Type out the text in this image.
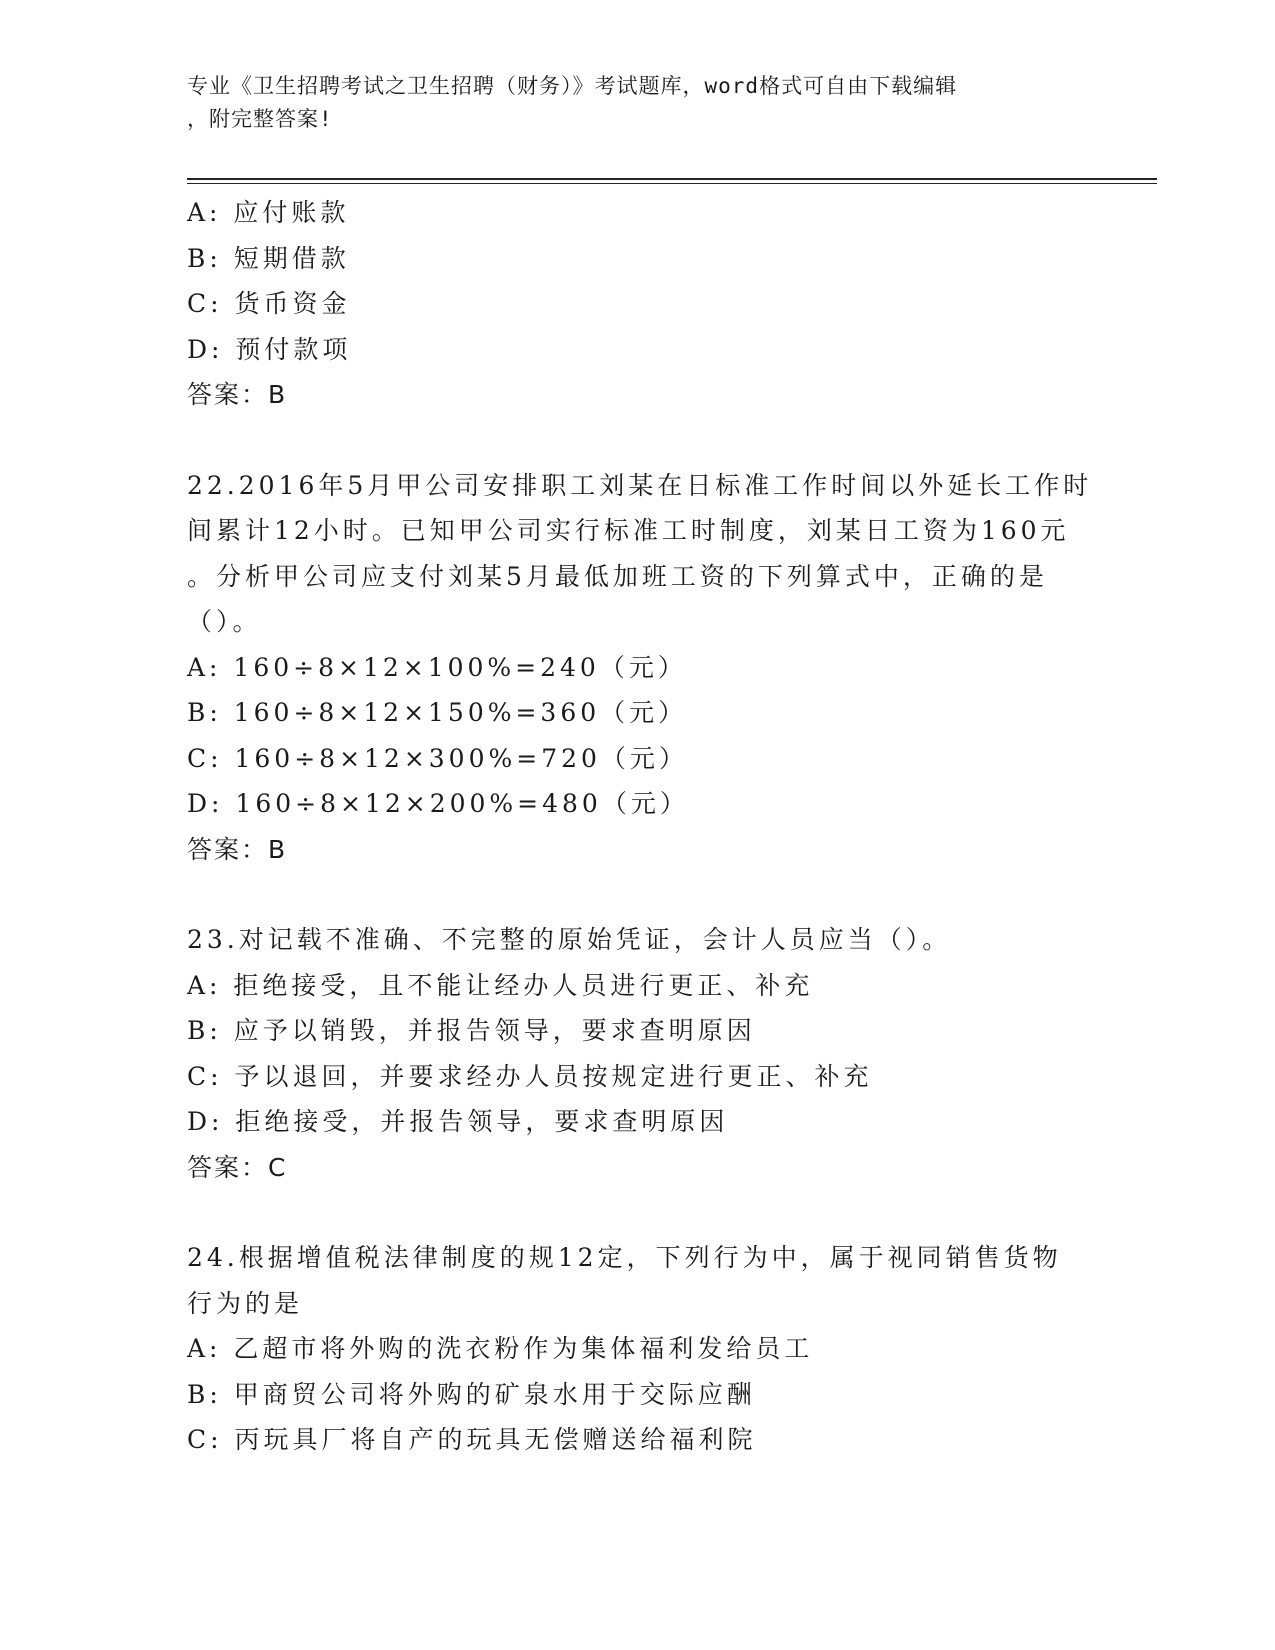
专业《卫生招聘考试之卫生招聘（财务）》考试题库，word格式可自由下载编辑
，附完整答案!
A: 应付账款
B: 短期借款
C: 货币资金
D: 预付款项
答案：B
22.2016年5月甲公司安排职工刘某在日标准工作时间以外延长工作时
间累计12小时。已知甲公司实行标准工时制度，刘某日工资为160元
。分析甲公司应支付刘某5月最低加班工资的下列算式中，正确的是
（）。
A: 160÷8×12×100%=240（元）
B: 160÷8×12×150%=360（元）
C: 160÷8×12×300%=720（元）
D: 160÷8×12×200%=480（元）
答案：B
23.对记载不准确、不完整的原始凭证，会计人员应当（）。
A: 拒绝接受，且不能让经办人员进行更正、补充
B: 应予以销毁，并报告领导，要求查明原因
C: 予以退回，并要求经办人员按规定进行更正、补充
D: 拒绝接受，并报告领导，要求查明原因
答案：C
24.根据增值税法律制度的规12定，下列行为中，属于视同销售货物
行为的是
A: 乙超市将外购的洗衣粉作为集体福利发给员工
B: 甲商贸公司将外购的矿泉水用于交际应酬
C: 丙玩具厂将自产的玩具无偿赠送给福利院
